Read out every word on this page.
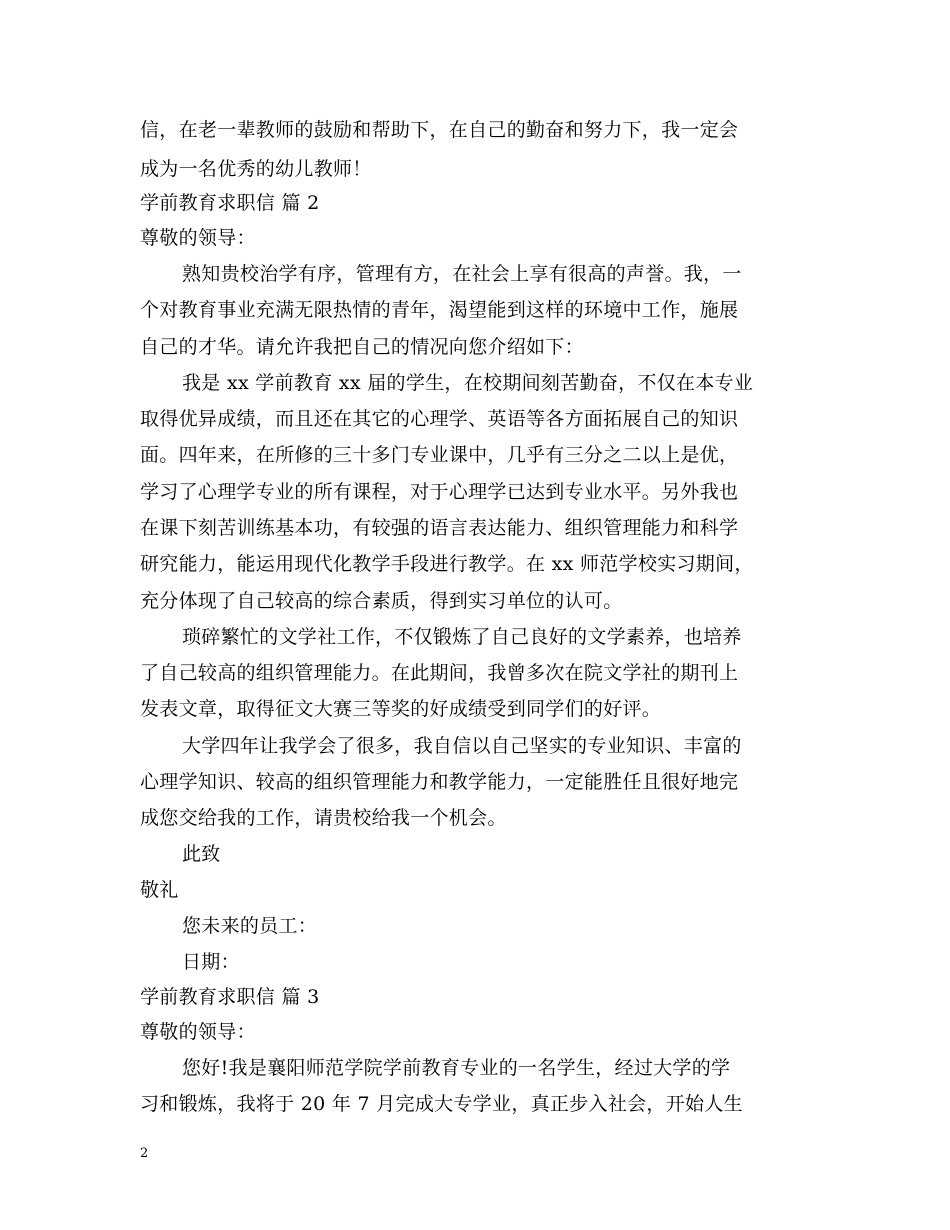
信，在老一辈教师的鼓励和帮助下，在自己的勤奋和努力下，我一定会
成为一名优秀的幼儿教师！
学前教育求职信 篇 2
尊敬的领导：
熟知贵校治学有序，管理有方，在社会上享有很高的声誉。我，一
个对教育事业充满无限热情的青年，渴望能到这样的环境中工作，施展
自己的才华。请允许我把自己的情况向您介绍如下：
我是 xx 学前教育 xx 届的学生，在校期间刻苦勤奋，不仅在本专业
取得优异成绩，而且还在其它的心理学、英语等各方面拓展自己的知识
面。四年来，在所修的三十多门专业课中，几乎有三分之二以上是优，
学习了心理学专业的所有课程，对于心理学已达到专业水平。另外我也
在课下刻苦训练基本功，有较强的语言表达能力、组织管理能力和科学
研究能力，能运用现代化教学手段进行教学。在 xx 师范学校实习期间，
充分体现了自己较高的综合素质，得到实习单位的认可。
琐碎繁忙的文学社工作，不仅锻炼了自己良好的文学素养，也培养
了自己较高的组织管理能力。在此期间，我曾多次在院文学社的期刊上
发表文章，取得征文大赛三等奖的好成绩受到同学们的好评。
大学四年让我学会了很多，我自信以自己坚实的专业知识、丰富的
心理学知识、较高的组织管理能力和教学能力，一定能胜任且很好地完
成您交给我的工作，请贵校给我一个机会。
此致
敬礼
您未来的员工：
日期：
学前教育求职信 篇 3
尊敬的领导：
您好!我是襄阳师范学院学前教育专业的一名学生，经过大学的学
习和锻炼，我将于 20 年 7 月完成大专学业，真正步入社会，开始人生
2
